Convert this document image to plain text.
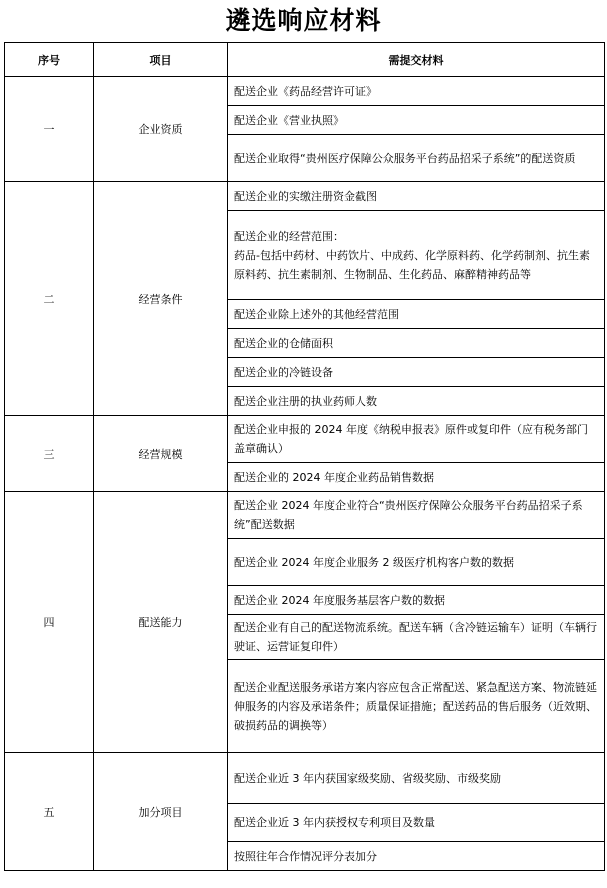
遴选响应材料
序号	项目	需提交材料
一	企业资质	配送企业《药品经营许可证》
		配送企业《营业执照》
		配送企业取得“贵州医疗保障公众服务平台药品招采子系统”的配送资质
二	经营条件	配送企业的实缴注册资金截图
		配送企业的经营范围：
药品-包括中药材、中药饮片、中成药、化学原料药、化学药制剂、抗生素原料药、抗生素制剂、生物制品、生化药品、麻醉精神药品等
		配送企业除上述外的其他经营范围
		配送企业的仓储面积
		配送企业的冷链设备
		配送企业注册的执业药师人数
三	经营规模	配送企业申报的 2024 年度《纳税申报表》原件或复印件（应有税务部门盖章确认）
		配送企业的 2024 年度企业药品销售数据
四	配送能力	配送企业 2024 年度企业符合“贵州医疗保障公众服务平台药品招采子系统”配送数据
		配送企业 2024 年度企业服务 2 级医疗机构客户数的数据
		配送企业 2024 年度服务基层客户数的数据
		配送企业有自己的配送物流系统。配送车辆（含冷链运输车）证明（车辆行驶证、运营证复印件）
		配送企业配送服务承诺方案内容应包含正常配送、紧急配送方案、物流链延伸服务的内容及承诺条件；质量保证措施；配送药品的售后服务（近效期、破损药品的调换等）
五	加分项目	配送企业近 3 年内获国家级奖励、省级奖励、市级奖励
		配送企业近 3 年内获授权专利项目及数量
		按照往年合作情况评分表加分
